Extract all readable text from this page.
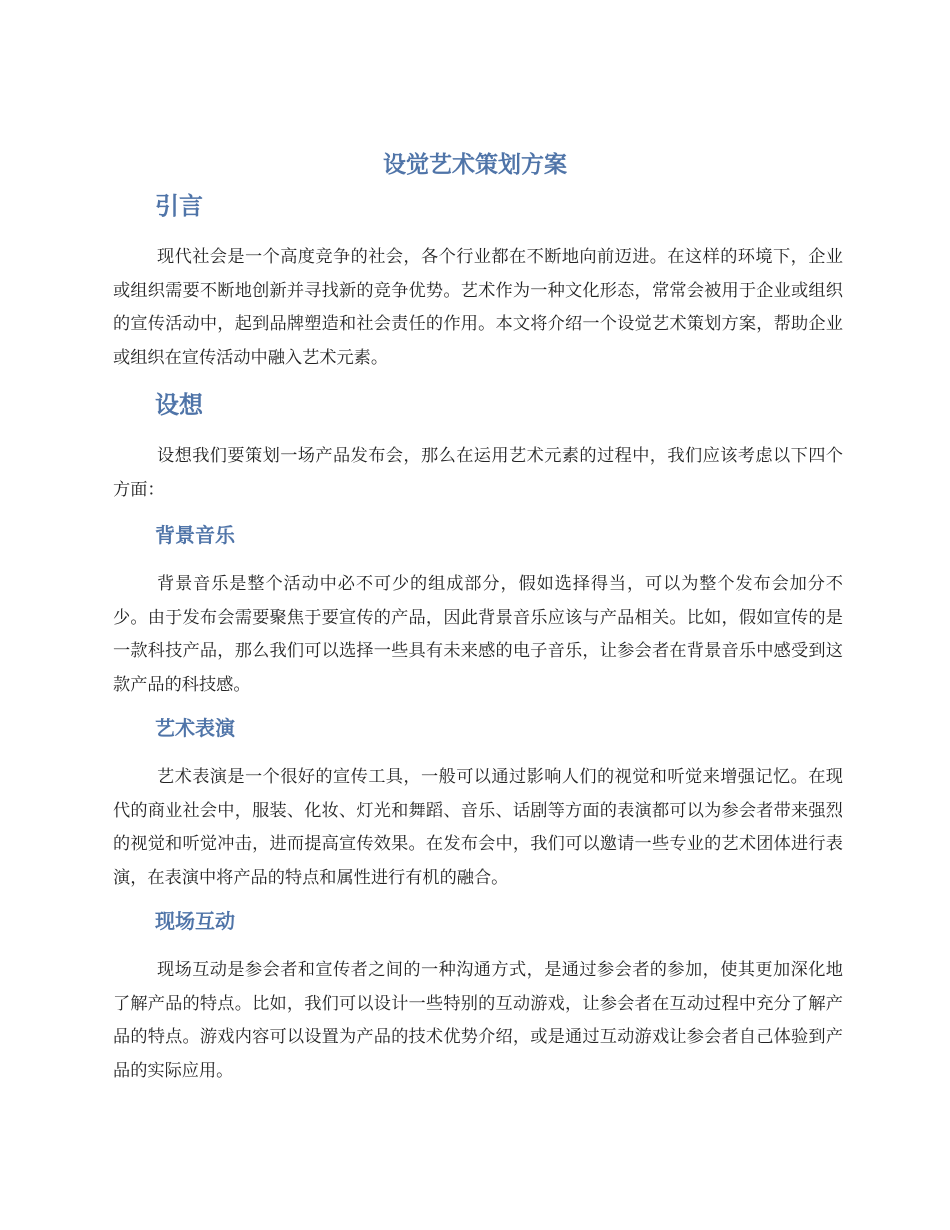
设觉艺术策划方案
引言

现代社会是一个高度竞争的社会，各个行业都在不断地向前迈进。在这样的环境下，企业或组织需要不断地创新并寻找新的竞争优势。艺术作为一种文化形态，常常会被用于企业或组织的宣传活动中，起到品牌塑造和社会责任的作用。本文将介绍一个设觉艺术策划方案，帮助企业或组织在宣传活动中融入艺术元素。

设想

设想我们要策划一场产品发布会，那么在运用艺术元素的过程中，我们应该考虑以下四个方面：

背景音乐

背景音乐是整个活动中必不可少的组成部分，假如选择得当，可以为整个发布会加分不少。由于发布会需要聚焦于要宣传的产品，因此背景音乐应该与产品相关。比如，假如宣传的是一款科技产品，那么我们可以选择一些具有未来感的电子音乐，让参会者在背景音乐中感受到这款产品的科技感。

艺术表演

艺术表演是一个很好的宣传工具，一般可以通过影响人们的视觉和听觉来增强记忆。在现代的商业社会中，服装、化妆、灯光和舞蹈、音乐、话剧等方面的表演都可以为参会者带来强烈的视觉和听觉冲击，进而提高宣传效果。在发布会中，我们可以邀请一些专业的艺术团体进行表演，在表演中将产品的特点和属性进行有机的融合。

现场互动

现场互动是参会者和宣传者之间的一种沟通方式，是通过参会者的参加，使其更加深化地了解产品的特点。比如，我们可以设计一些特别的互动游戏，让参会者在互动过程中充分了解产品的特点。游戏内容可以设置为产品的技术优势介绍，或是通过互动游戏让参会者自己体验到产品的实际应用。
